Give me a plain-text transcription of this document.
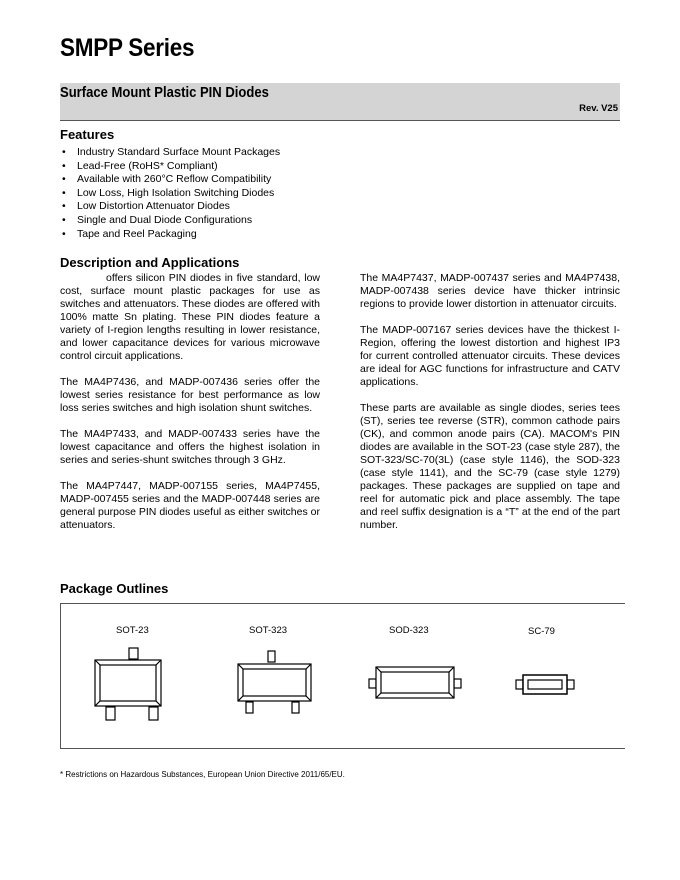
SMPP Series
Surface Mount Plastic PIN Diodes
Rev. V25
Features
• Industry Standard Surface Mount Packages
• Lead-Free (RoHS* Compliant)
• Available with 260°C Reflow Compatibility
• Low Loss, High Isolation Switching Diodes
• Low Distortion Attenuator Diodes
• Single and Dual Diode Configurations
• Tape and Reel Packaging
Description and Applications

offers silicon PIN diodes in five standard, low cost, surface mount plastic packages for use as switches and attenuators. These diodes are offered with 100% matte Sn plating. These PIN diodes feature a variety of I-region lengths resulting in lower resistance, and lower capacitance devices for various microwave control circuit applications.

The MA4P7436, and MADP-007436 series offer the lowest series resistance for best performance as low loss series switches and high isolation shunt switches.

The MA4P7433, and MADP-007433 series have the lowest capacitance and offers the highest isolation in series and series-shunt switches through 3 GHz.

The MA4P7447, MADP-007155 series, MA4P7455, MADP-007455 series and the MADP-007448 series are general purpose PIN diodes useful as either switches or attenuators.

The MA4P7437, MADP-007437 series and MA4P7438, MADP-007438 series device have thicker intrinsic regions to provide lower distortion in attenuator circuits.

The MADP-007167 series devices have the thickest I-Region, offering the lowest distortion and highest IP3 for current controlled attenuator circuits. These devices are ideal for AGC functions for infrastructure and CATV applications.

These parts are available as single diodes, series tees (ST), series tee reverse (STR), common cathode pairs (CK), and common anode pairs (CA). MACOM's PIN diodes are available in the SOT-23 (case style 287), the SOT-323/SC-70(3L) (case style 1146), the SOD-323 (case style 1141), and the SC-79 (case style 1279) packages. These packages are supplied on tape and reel for automatic pick and place assembly. The tape and reel suffix designation is a “T” at the end of the part number.

Package Outlines
SOT-23	SOT-323	SOD-323	SC-79
* Restrictions on Hazardous Substances, European Union Directive 2011/65/EU.
